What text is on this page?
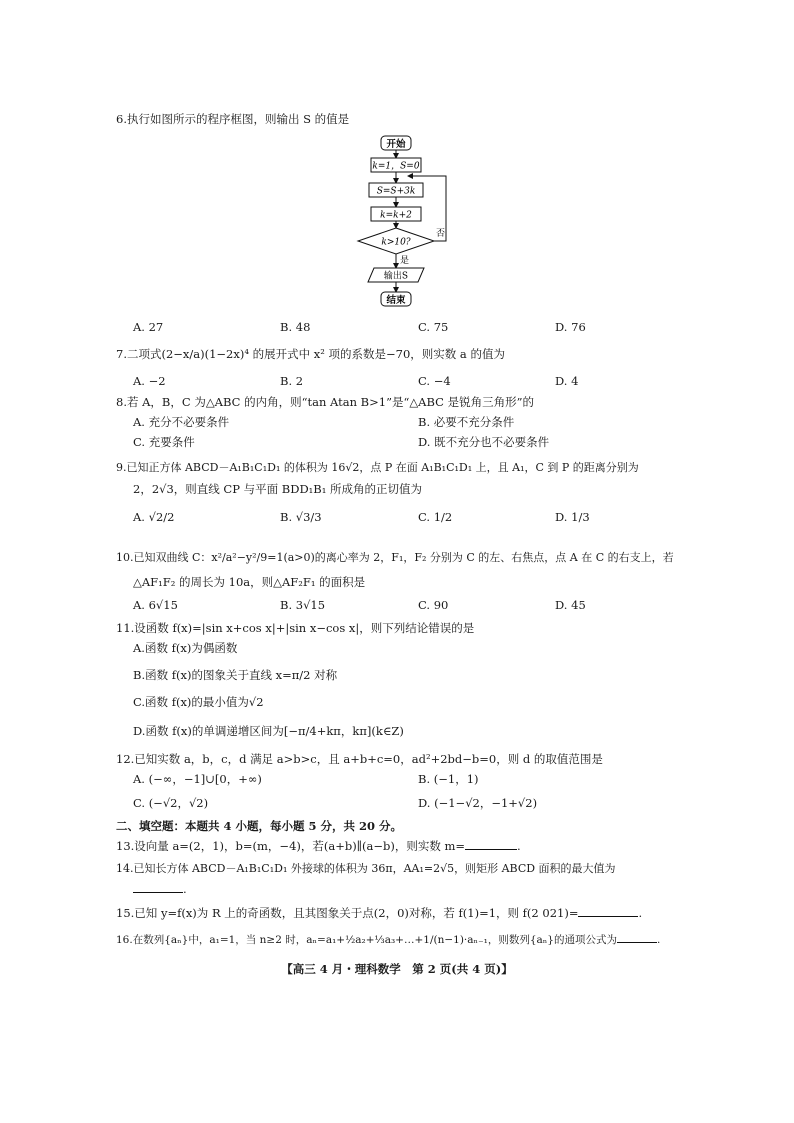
6.执行如图所示的程序框图，则输出 S 的值是
开始
k=1，S=0
S=S+3k
k=k+2
k>10?
否
是
输出S
结束
A. 27	B. 48	C. 75	D. 76
7.二项式(2−x/a)(1−2x)⁴ 的展开式中 x² 项的系数是−70，则实数 a 的值为
A. −2	B. 2	C. −4	D. 4
8.若 A，B，C 为△ABC 的内角，则“tan Atan B>1”是“△ABC 是锐角三角形”的
A. 充分不必要条件	B. 必要不充分条件
C. 充要条件	D. 既不充分也不必要条件
9.已知正方体 ABCD－A₁B₁C₁D₁ 的体积为 16√2，点 P 在面 A₁B₁C₁D₁ 上，且 A₁，C 到 P 的距离分别为
2，2√3，则直线 CP 与平面 BDD₁B₁ 所成角的正切值为
A. √2/2	B. √3/3	C. 1/2	D. 1/3
10.已知双曲线 C：x²/a²−y²/9=1(a>0)的离心率为 2，F₁，F₂ 分别为 C 的左、右焦点，点 A 在 C 的右支上，若
△AF₁F₂ 的周长为 10a，则△AF₂F₁ 的面积是
A. 6√15	B. 3√15	C. 90	D. 45
11.设函数 f(x)=|sin x+cos x|+|sin x−cos x|，则下列结论错误的是
A.函数 f(x)为偶函数
B.函数 f(x)的图象关于直线 x=π/2 对称
C.函数 f(x)的最小值为√2
D.函数 f(x)的单调递增区间为[−π/4+kπ，kπ](k∈Z)
12.已知实数 a，b，c，d 满足 a>b>c，且 a+b+c=0，ad²+2bd−b=0，则 d 的取值范围是
A. (−∞，−1]∪[0，+∞)	B. (−1，1)
C. (−√2，√2)	D. (−1−√2，−1+√2)
二、填空题：本题共 4 小题，每小题 5 分，共 20 分。
13.设向量 a=(2，1)，b=(m，−4)，若(a+b)∥(a−b)，则实数 m=	.
14.已知长方体 ABCD－A₁B₁C₁D₁ 外接球的体积为 36π，AA₁=2√5，则矩形 ABCD 面积的最大值为
.
15.已知 y=f(x)为 R 上的奇函数，且其图象关于点(2，0)对称，若 f(1)=1，则 f(2 021)=	.
16.在数列{aₙ}中，a₁=1，当 n≥2 时，aₙ=a₁+½a₂+⅓a₃+…+1/(n−1)·aₙ₋₁，则数列{aₙ}的通项公式为	.
【高三 4 月・理科数学　第 2 页(共 4 页)】
